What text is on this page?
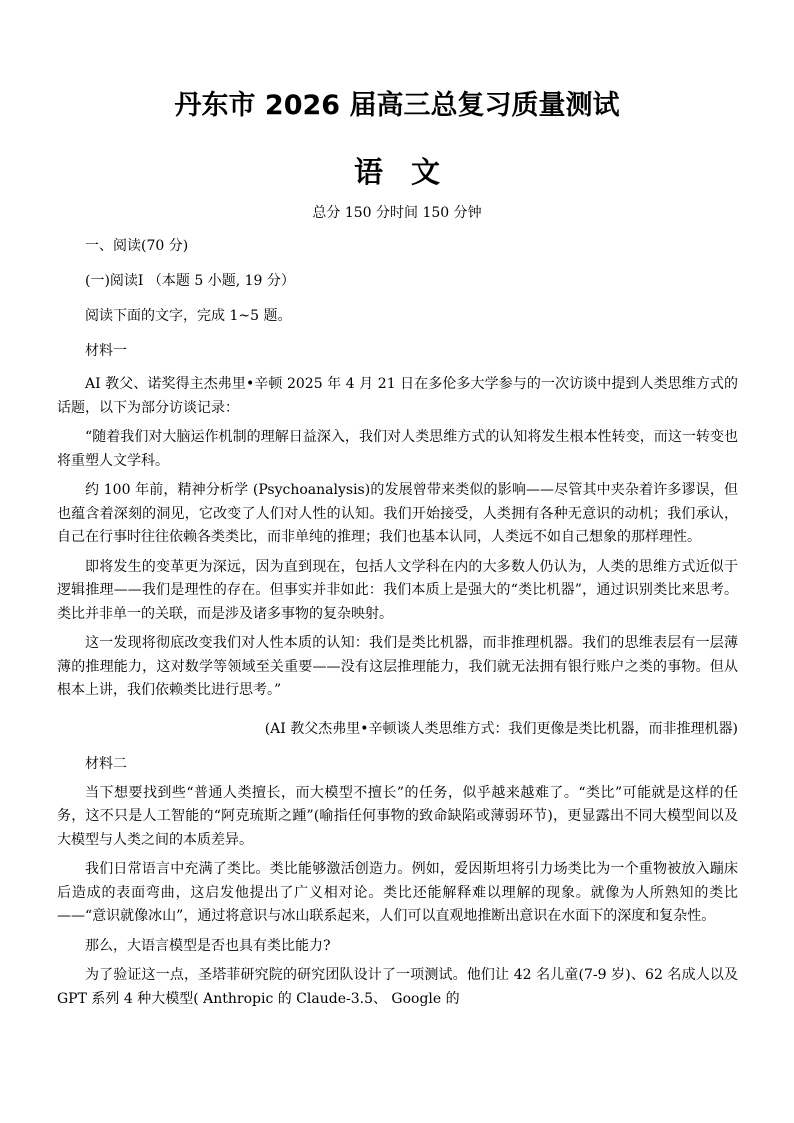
丹东市 2026 届高三总复习质量测试
语文
总分 150 分时间 150 分钟

一、阅读(70 分)

(一)阅读Ⅰ （本题 5 小题, 19 分）

阅读下面的文字，完成 1~5 题。

材料一

AI 教父、诺奖得主杰弗里•辛顿 2025 年 4 月 21 日在多伦多大学参与的一次访谈中提到人类思维方式的话题，以下为部分访谈记录：

“随着我们对大脑运作机制的理解日益深入，我们对人类思维方式的认知将发生根本性转变，而这一转变也将重塑人文学科。

约 100 年前，精神分析学 (Psychoanalysis)的发展曾带来类似的影响——尽管其中夹杂着许多谬误，但也蕴含着深刻的洞见，它改变了人们对人性的认知。我们开始接受，人类拥有各种无意识的动机；我们承认，自己在行事时往往依赖各类类比，而非单纯的推理；我们也基本认同，人类远不如自己想象的那样理性。

即将发生的变革更为深远，因为直到现在，包括人文学科在内的大多数人仍认为，人类的思维方式近似于逻辑推理——我们是理性的存在。但事实并非如此：我们本质上是强大的“类比机器”，通过识别类比来思考。类比并非单一的关联，而是涉及诸多事物的复杂映射。

这一发现将彻底改变我们对人性本质的认知：我们是类比机器，而非推理机器。我们的思维表层有一层薄薄的推理能力，这对数学等领域至关重要——没有这层推理能力，我们就无法拥有银行账户之类的事物。但从根本上讲，我们依赖类比进行思考。”

(AI 教父杰弗里•辛顿谈人类思维方式：我们更像是类比机器，而非推理机器)

材料二

当下想要找到些“普通人类擅长，而大模型不擅长”的任务，似乎越来越难了。“类比”可能就是这样的任务，这不只是人工智能的“阿克琉斯之踵”(喻指任何事物的致命缺陷或薄弱环节)，更显露出不同大模型间以及大模型与人类之间的本质差异。

我们日常语言中充满了类比。类比能够激活创造力。例如，爱因斯坦将引力场类比为一个重物被放入蹦床后造成的表面弯曲，这启发他提出了广义相对论。类比还能解释难以理解的现象。就像为人所熟知的类比——“意识就像冰山”，通过将意识与冰山联系起来，人们可以直观地推断出意识在水面下的深度和复杂性。

那么，大语言模型是否也具有类比能力?

为了验证这一点，圣塔菲研究院的研究团队设计了一项测试。他们让 42 名儿童(7-9 岁)、62 名成人以及 GPT 系列 4 种大模型( Anthropic 的 Claude-3.5、 Google 的
